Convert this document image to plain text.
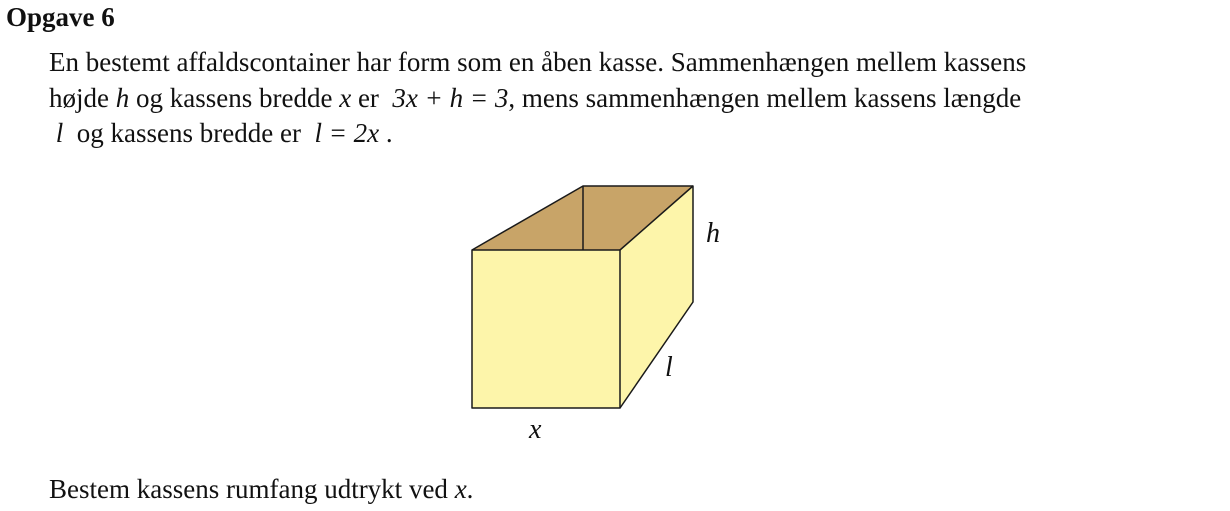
Opgave 6
En bestemt affaldscontainer har form som en åben kasse. Sammenhængen mellem kassens
højde h og kassens bredde x er 3x + h = 3, mens sammenhængen mellem kassens længde
l og kassens bredde er l = 2x .
h
l
x
Bestem kassens rumfang udtrykt ved x.
